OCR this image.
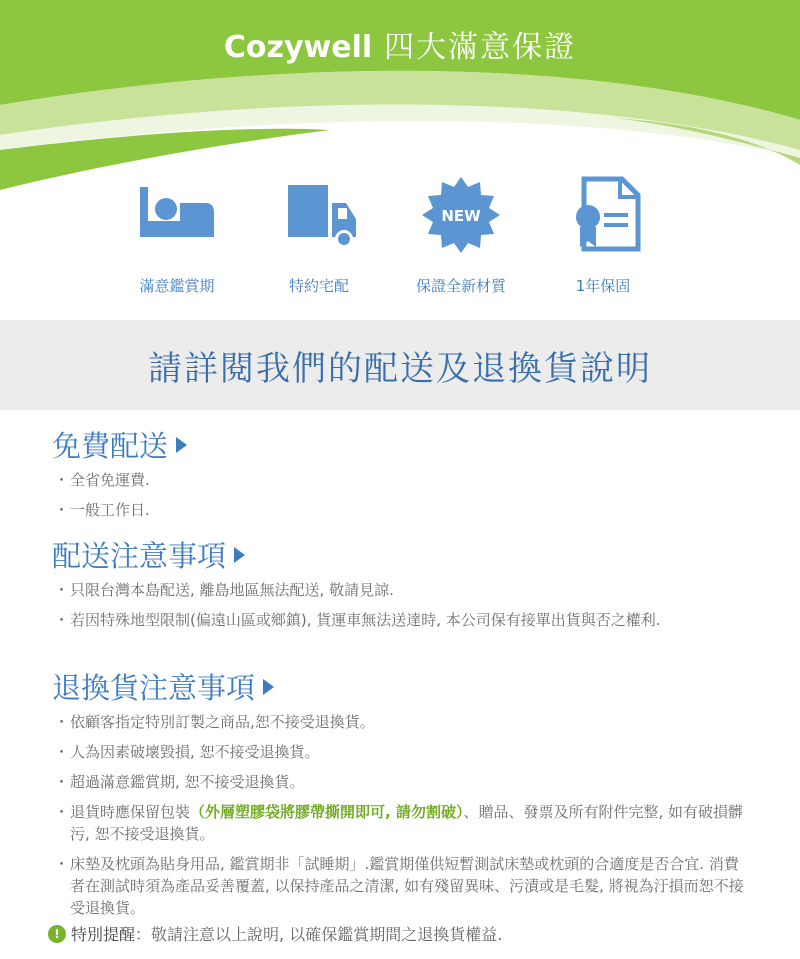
Cozywell 四大滿意保證
滿意鑑賞期	特約宅配
NEW
保證全新材質	1年保固
請詳閱我們的配送及退換貨說明
免費配送
・ 全省免運費.
・ 一般工作日.
配送注意事項
・ 只限台灣本島配送, 離島地區無法配送, 敬請見諒.
・ 若因特殊地型限制(偏遠山區或鄉鎮), 貨運車無法送達時, 本公司保有接單出貨與否之權利.
退換貨注意事項
・ 依顧客指定特別訂製之商品,恕不接受退換貨。
・ 人為因素破壞毀損, 恕不接受退換貨。
・ 超過滿意鑑賞期, 恕不接受退換貨。
・ 退貨時應保留包裝（外層塑膠袋將膠帶撕開即可, 請勿割破）、贈品、發票及所有附件完整, 如有破損髒污, 恕不接受退換貨。
・ 床墊及枕頭為貼身用品, 鑑賞期非「試睡期」.鑑賞期僅供短暫測試床墊或枕頭的合適度是否合宜. 消費者在測試時須為產品妥善覆蓋, 以保持產品之清潔, 如有殘留異味、污漬或是毛髮, 將視為汙損而恕不接受退換貨。
! 特別提醒 ：敬請注意以上說明, 以確保鑑賞期間之退換貨權益.
